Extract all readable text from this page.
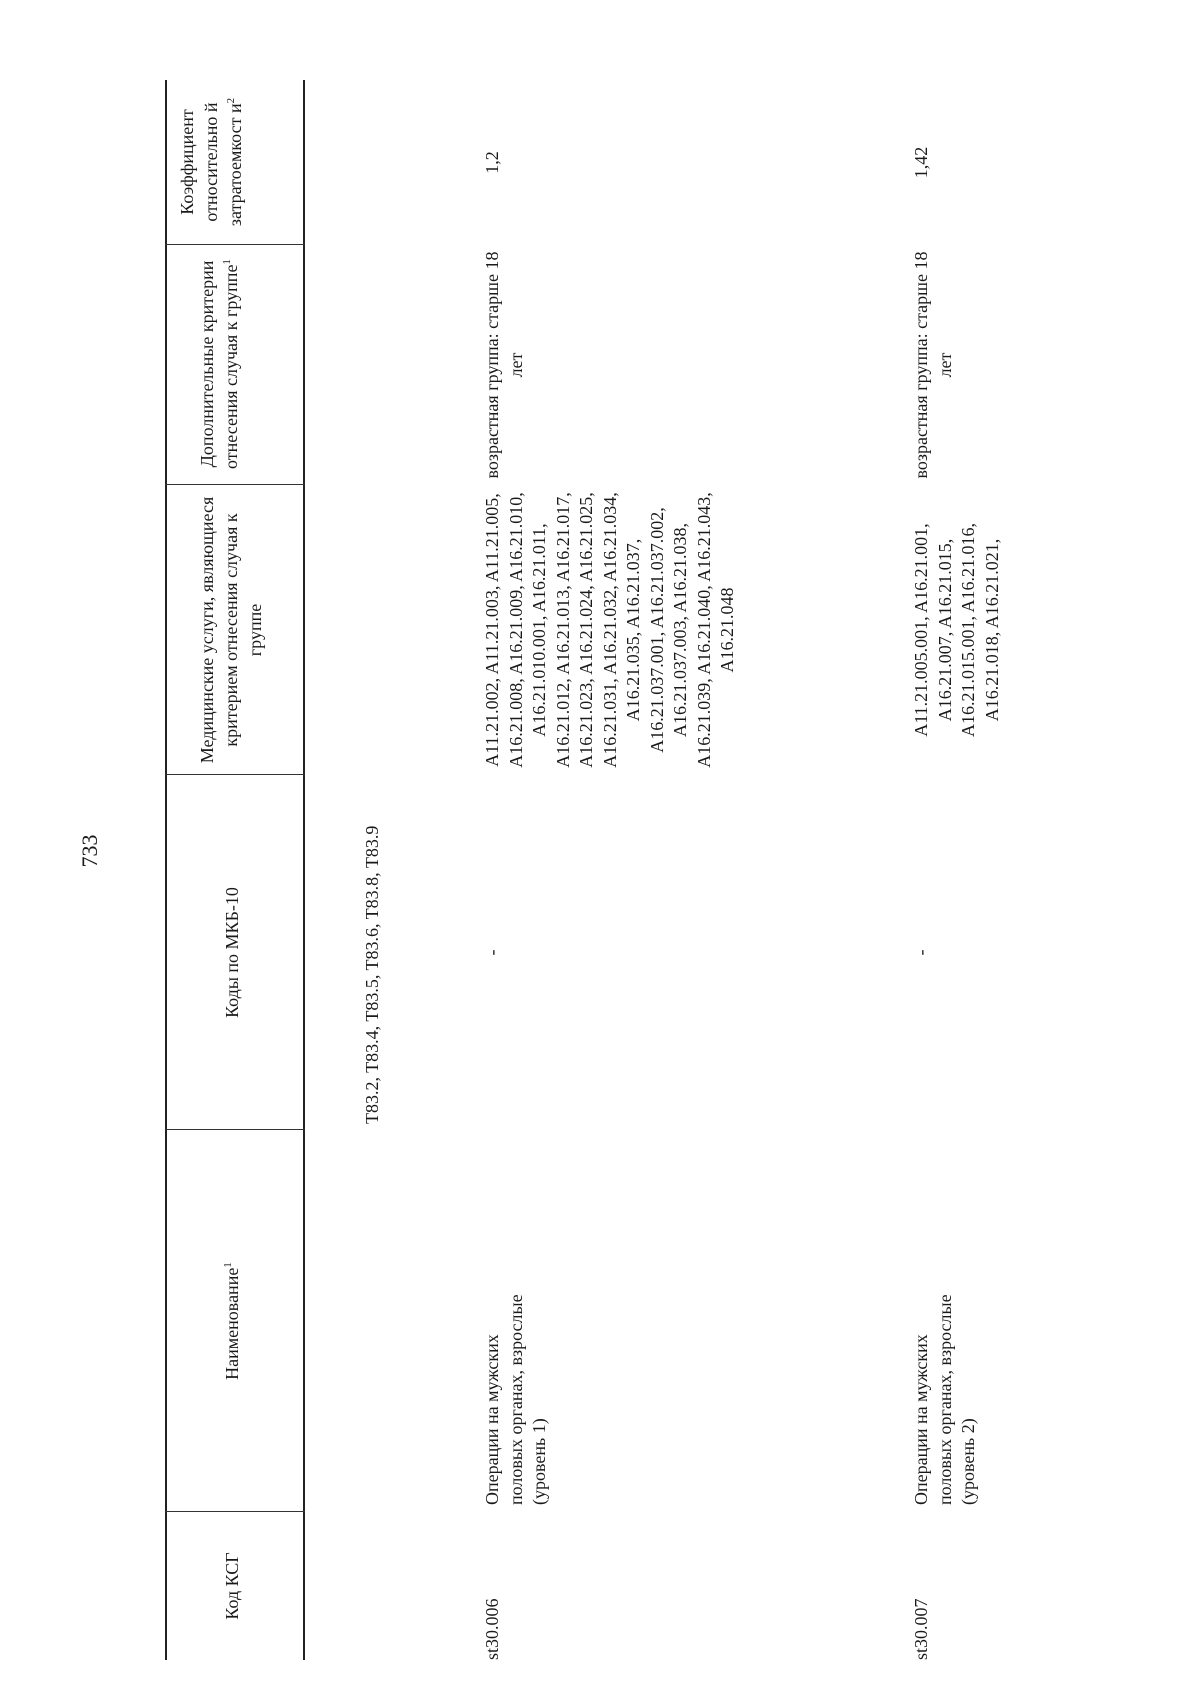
733
Код КСГ
Наименование$^1$
Коды по МКБ-10
Медицинские услуги, являющиеся критерием отнесения случая к группе
Дополнительные критерии отнесения случая к группе$^1$
Коэффициент относительно й затратоемкост $и^2$
T83.2, T83.4, T83.5, T83.6, T83.8, T83.9
st30.006
Операции на мужских половых органах, взрослые (уровень 1)
-
A11.21.002, A11.21.003, A11.21.005, A16.21.008, A16.21.009, A16.21.010, A16.21.010.001, A16.21.011, A16.21.012, A16.21.013, A16.21.017, A16.21.023, A16.21.024, A16.21.025, A16.21.031, A16.21.032, A16.21.034, A16.21.035, A16.21.037, A16.21.037.001, A16.21.037.002, A16.21.037.003, A16.21.038, A16.21.039, A16.21.040, A16.21.043, A16.21.048
возрастная группа: старше 18 лет
1,2
st30.007
Операции на мужских половых органах, взрослые (уровень 2)
-
A11.21.005.001, A16.21.001, A16.21.007, A16.21.015, A16.21.015.001, A16.21.016, A16.21.018, A16.21.021,
возрастная группа: старше 18 лет
1,42
